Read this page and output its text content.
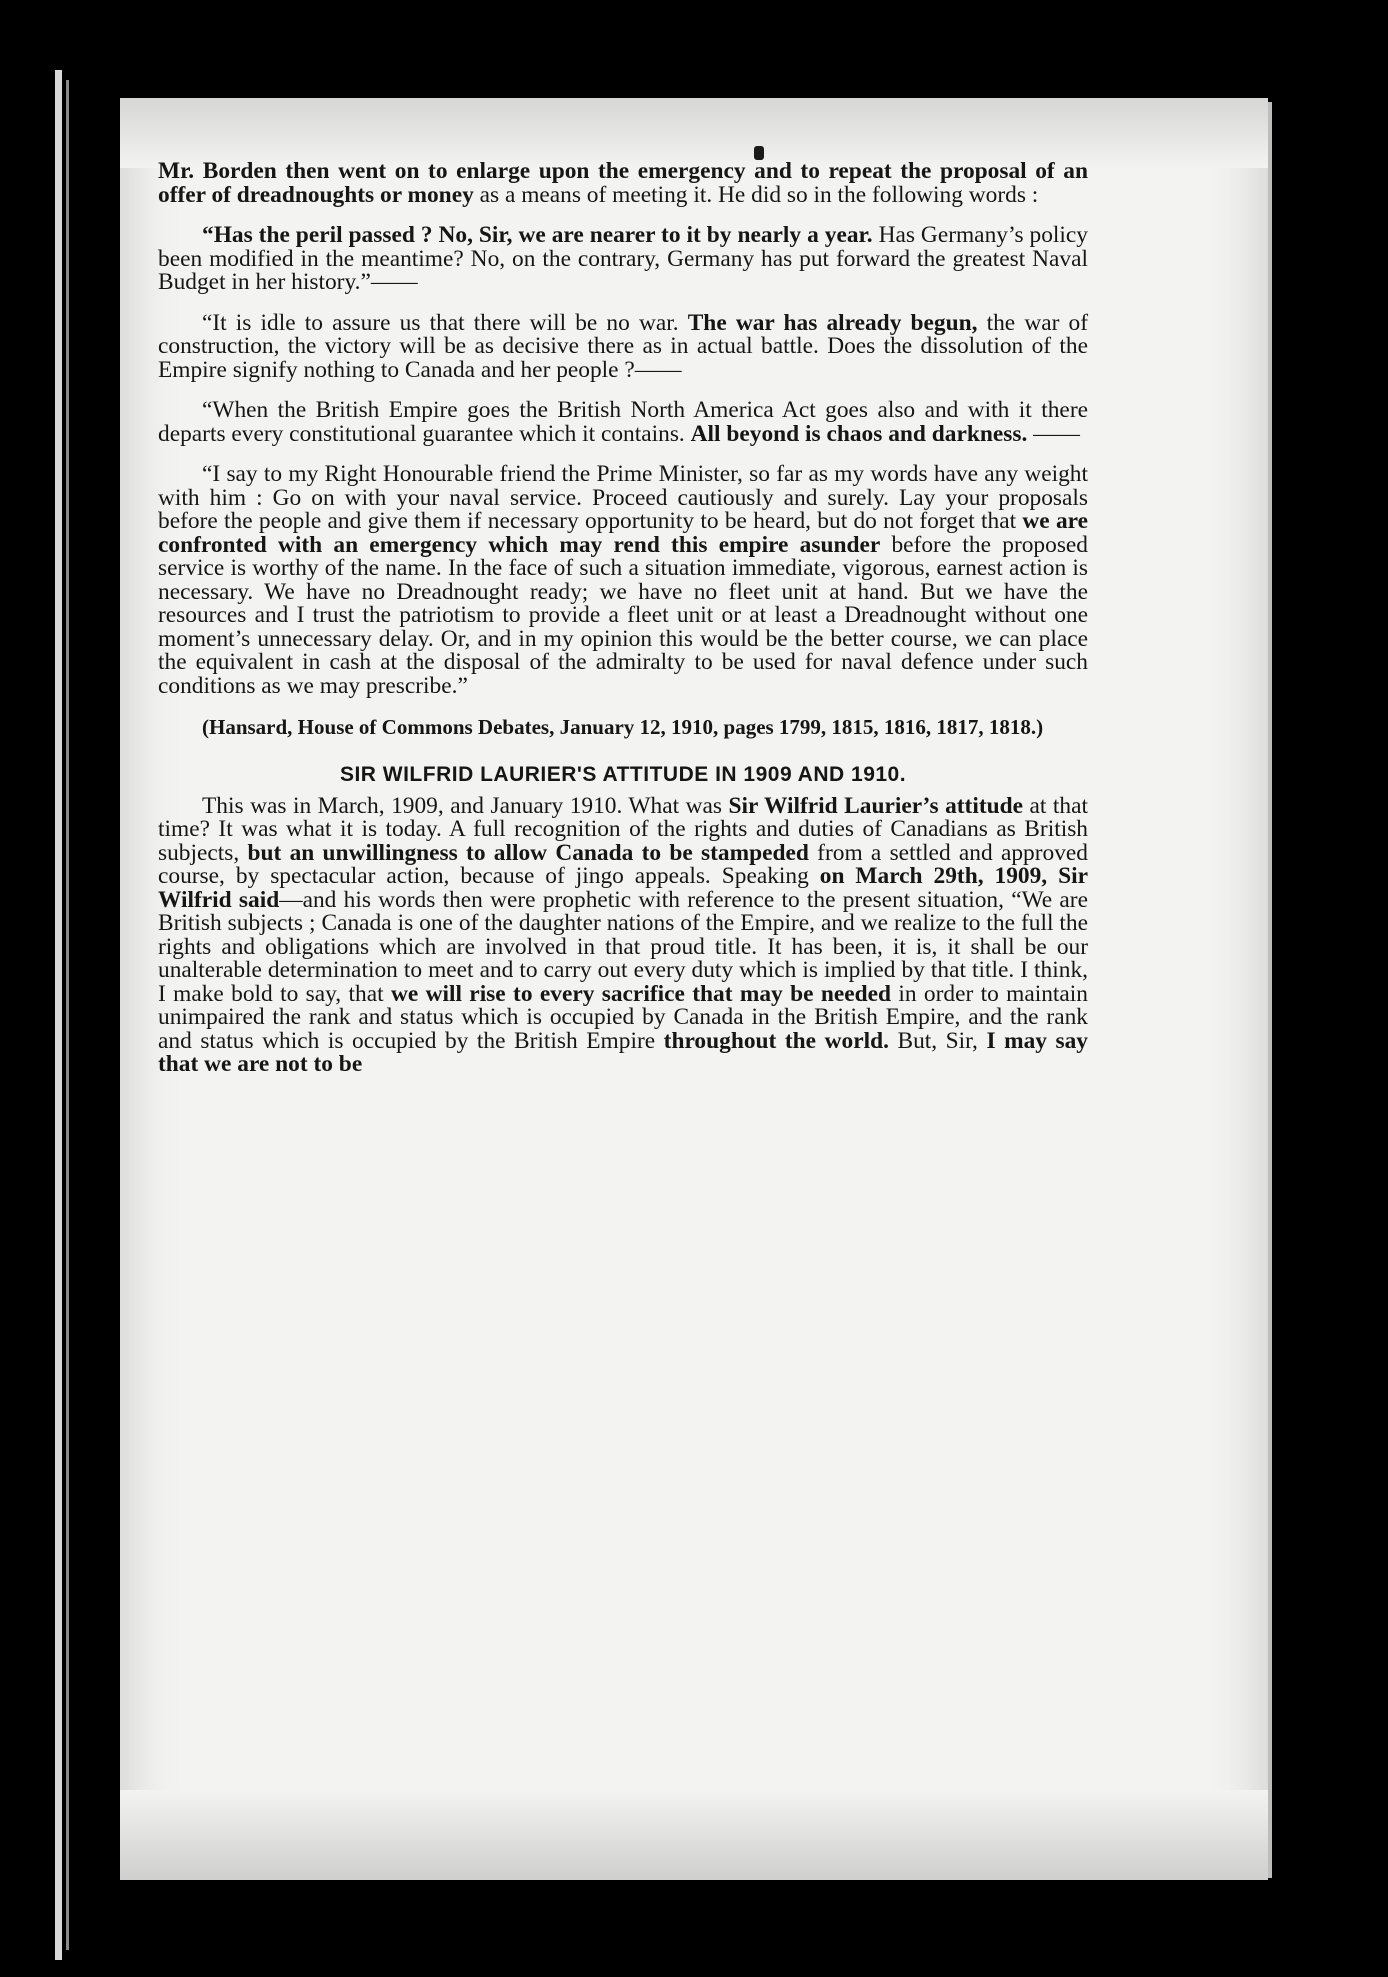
Mr. Borden then went on to enlarge upon the emergency and to repeat the proposal of an offer of dreadnoughts or money as a means of meeting it. He did so in the following words :

“Has the peril passed ? No, Sir, we are nearer to it by nearly a year. Has Germany’s policy been modified in the meantime? No, on the contrary, Germany has put forward the greatest Naval Budget in her history.”——

“It is idle to assure us that there will be no war. The war has already begun, the war of construction, the victory will be as decisive there as in actual battle. Does the dissolution of the Empire signify nothing to Canada and her people ?——

“When the British Empire goes the British North America Act goes also and with it there departs every constitutional guarantee which it contains. All beyond is chaos and darkness. ——

“I say to my Right Honourable friend the Prime Minister, so far as my words have any weight with him : Go on with your naval service. Proceed cautiously and surely. Lay your proposals before the people and give them if necessary opportunity to be heard, but do not forget that we are confronted with an emergency which may rend this empire asunder before the proposed service is worthy of the name. In the face of such a situation immediate, vigorous, earnest action is necessary. We have no Dreadnought ready; we have no fleet unit at hand. But we have the resources and I trust the patriotism to provide a fleet unit or at least a Dreadnought without one moment’s unnecessary delay. Or, and in my opinion this would be the better course, we can place the equivalent in cash at the disposal of the admiralty to be used for naval defence under such conditions as we may prescribe.”

(Hansard, House of Commons Debates, January 12, 1910, pages 1799, 1815, 1816, 1817, 1818.)

SIR WILFRID LAURIER'S ATTITUDE IN 1909 AND 1910.

This was in March, 1909, and January 1910. What was Sir Wilfrid Laurier’s attitude at that time? It was what it is today. A full recognition of the rights and duties of Canadians as British subjects, but an unwillingness to allow Canada to be stampeded from a settled and approved course, by spectacular action, because of jingo appeals. Speaking on March 29th, 1909, Sir Wilfrid said—and his words then were prophetic with reference to the present situation, “We are British subjects ; Canada is one of the daughter nations of the Empire, and we realize to the full the rights and obligations which are involved in that proud title. It has been, it is, it shall be our unalterable determination to meet and to carry out every duty which is implied by that title. I think, I make bold to say, that we will rise to every sacrifice that may be needed in order to maintain unimpaired the rank and status which is occupied by Canada in the British Empire, and the rank and status which is occupied by the British Empire throughout the world. But, Sir, I may say that we are not to be
